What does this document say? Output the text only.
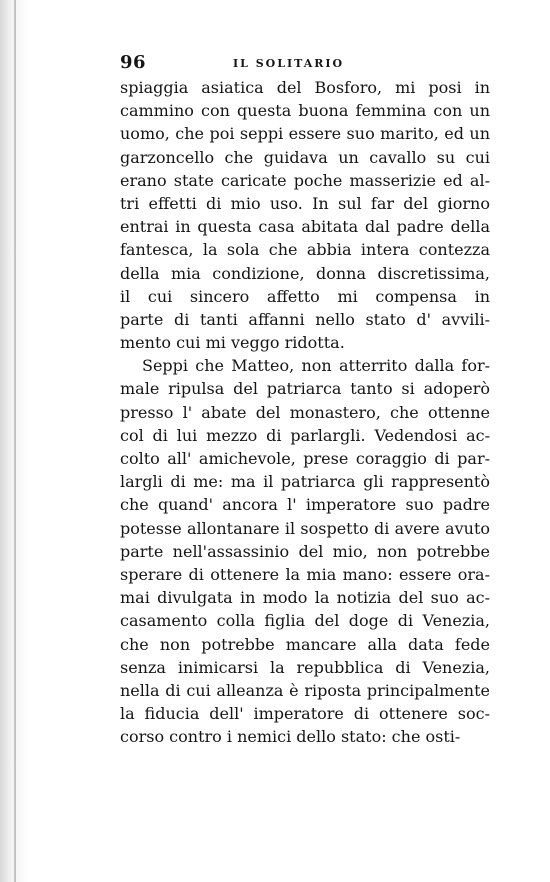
96	IL SOLITARIO
spiaggia asiatica del Bosforo, mi posi in
cammino con questa buona femmina con un
uomo, che poi seppi essere suo marito, ed un
garzoncello che guidava un cavallo su cui
erano state caricate poche masserizie ed al-
tri effetti di mio uso. In sul far del giorno
entrai in questa casa abitata dal padre della
fantesca, la sola che abbia intera contezza
della mia condizione, donna discretissima,
il cui sincero affetto mi compensa in
parte di tanti affanni nello stato d' avvili-
mento cui mi veggo ridotta.
Seppi che Matteo, non atterrito dalla for-
male ripulsa del patriarca tanto si adoperò
presso l' abate del monastero, che ottenne
col di lui mezzo di parlargli. Vedendosi ac-
colto all' amichevole, prese coraggio di par-
largli di me: ma il patriarca gli rappresentò
che quand' ancora l' imperatore suo padre
potesse allontanare il sospetto di avere avuto
parte nell'assassinio del mio, non potrebbe
sperare di ottenere la mia mano: essere ora-
mai divulgata in modo la notizia del suo ac-
casamento colla figlia del doge di Venezia,
che non potrebbe mancare alla data fede
senza inimicarsi la repubblica di Venezia,
nella di cui alleanza è riposta principalmente
la fiducia dell' imperatore di ottenere soc-
corso contro i nemici dello stato: che osti-
